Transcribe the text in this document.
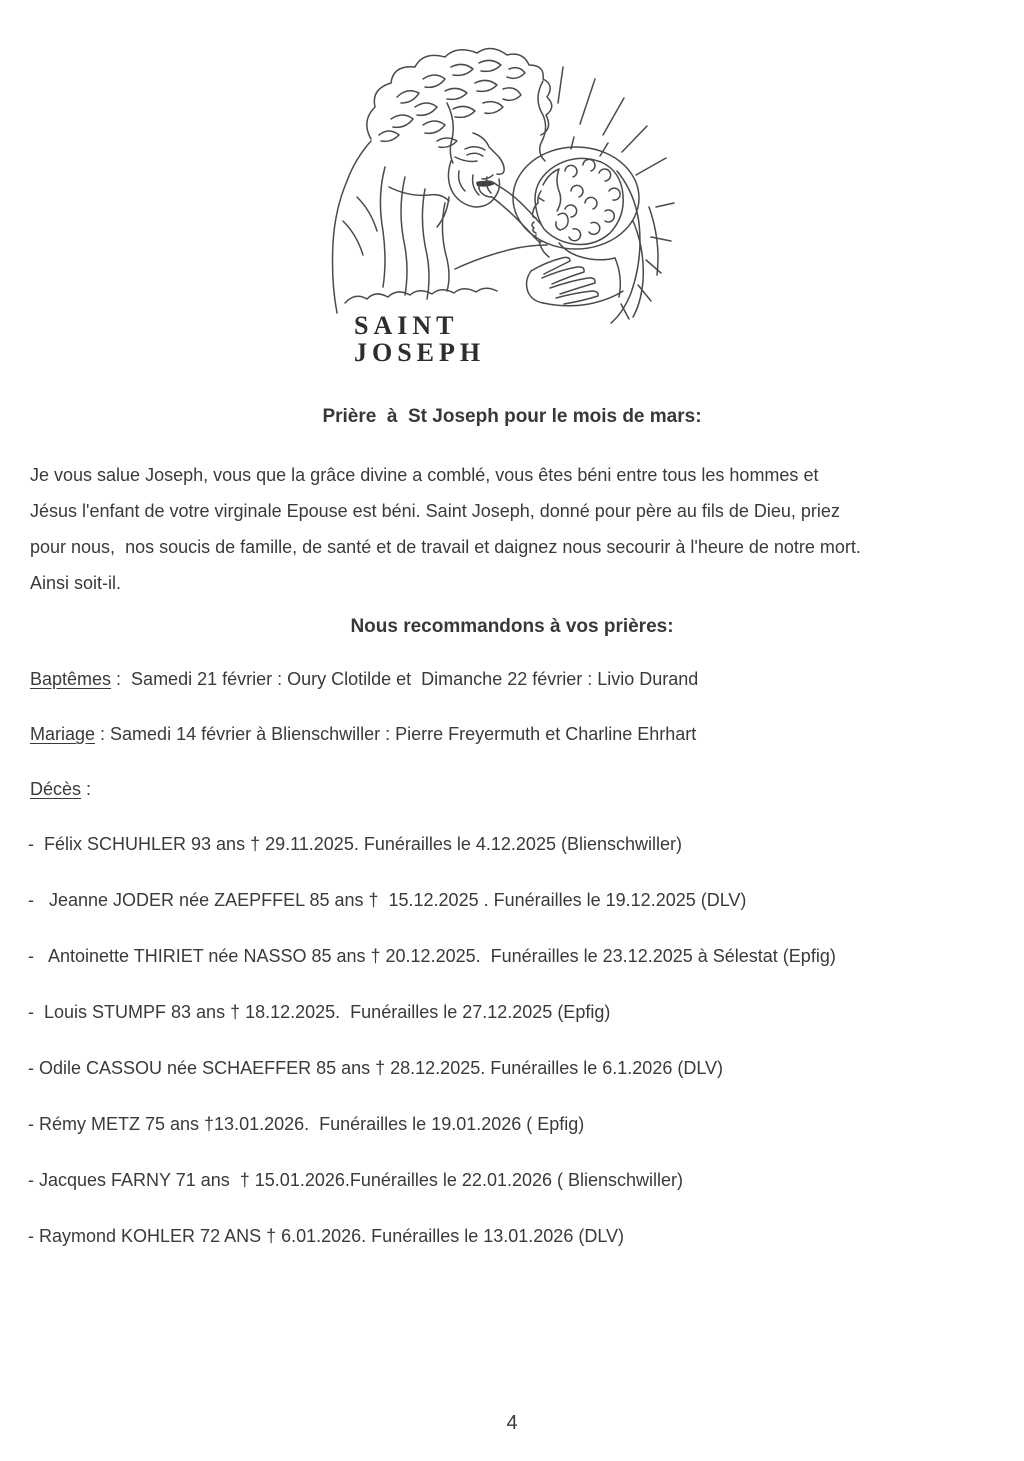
SAINT
JOSEPH
Prière  à  St Joseph pour le mois de mars:

Je vous salue Joseph, vous que la grâce divine a comblé, vous êtes béni entre tous les hommes et

Jésus l'enfant de votre virginale Epouse est béni. Saint Joseph, donné pour père au fils de Dieu, priez

pour nous,  nos soucis de famille, de santé et de travail et daignez nous secourir à l'heure de notre mort.

Ainsi soit-il.

Nous recommandons à vos prières:

Baptêmes :  Samedi 21 février : Oury Clotilde et  Dimanche 22 février : Livio Durand

Mariage : Samedi 14 février à Blienschwiller : Pierre Freyermuth et Charline Ehrhart

Décès :

-  Félix SCHUHLER 93 ans † 29.11.2025. Funérailles le 4.12.2025 (Blienschwiller)

-   Jeanne JODER née ZAEPFFEL 85 ans †  15.12.2025 . Funérailles le 19.12.2025 (DLV)

-   Antoinette THIRIET née NASSO 85 ans † 20.12.2025.  Funérailles le 23.12.2025 à Sélestat (Epfig)

-  Louis STUMPF 83 ans † 18.12.2025.  Funérailles le 27.12.2025 (Epfig)

- Odile CASSOU née SCHAEFFER 85 ans † 28.12.2025. Funérailles le 6.1.2026 (DLV)

- Rémy METZ 75 ans †13.01.2026.  Funérailles le 19.01.2026 ( Epfig)

- Jacques FARNY 71 ans  † 15.01.2026.Funérailles le 22.01.2026 ( Blienschwiller)

- Raymond KOHLER 72 ANS † 6.01.2026. Funérailles le 13.01.2026 (DLV)

4
